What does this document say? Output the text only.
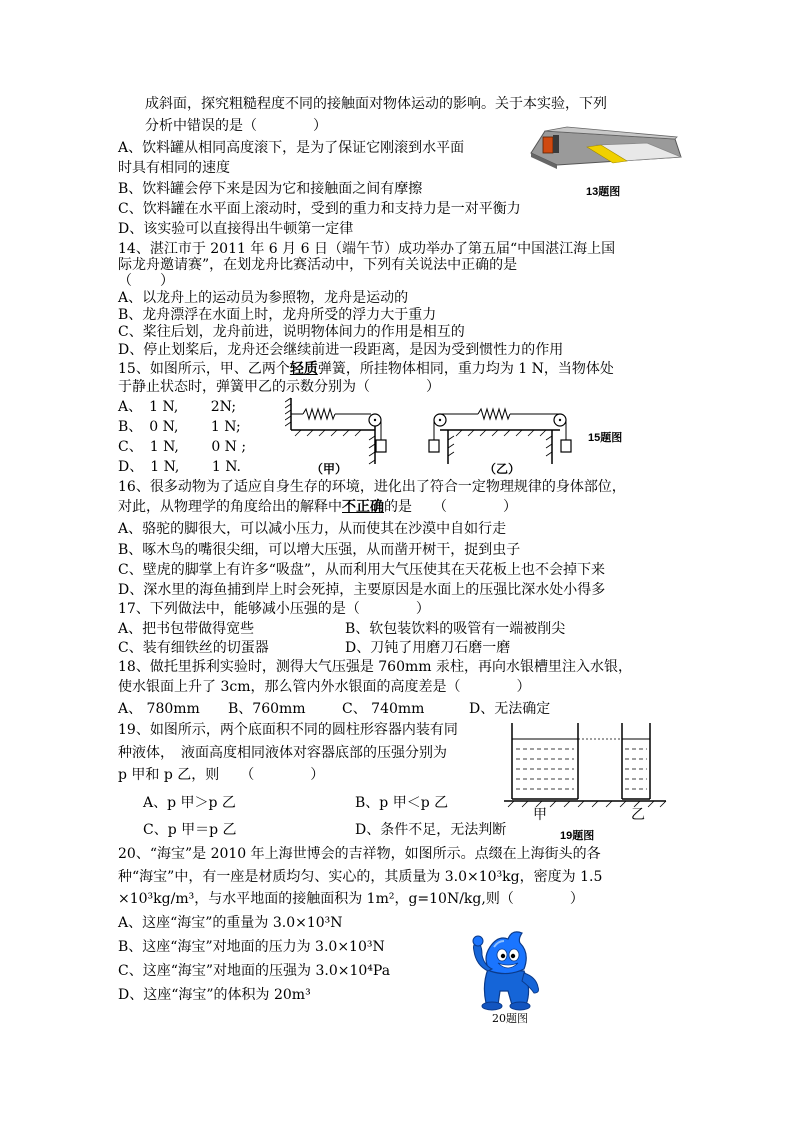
成斜面，探究粗糙程度不同的接触面对物体运动的影响。关于本实验，下列
分析中错误的是（　　　　）
A、饮料罐从相同高度滚下，是为了保证它刚滚到水平面
时具有相同的速度
B、饮料罐会停下来是因为它和接触面之间有摩擦
C、饮料罐在水平面上滚动时，受到的重力和支持力是一对平衡力
D、该实验可以直接得出牛顿第一定律
13题图
14、湛江市于 2011 年 6 月 6 日（端午节）成功举办了第五届“中国湛江海上国
际龙舟邀请赛”，在划龙舟比赛活动中，下列有关说法中正确的是
（　　）
A、以龙舟上的运动员为参照物，龙舟是运动的
B、龙舟漂浮在水面上时，龙舟所受的浮力大于重力
C、桨往后划，龙舟前进，说明物体间力的作用是相互的
D、停止划桨后，龙舟还会继续前进一段距离，是因为受到惯性力的作用
15、如图所示，甲、乙两个轻质弹簧，所挂物体相同，重力均为 1 N，当物体处
于静止状态时，弹簧甲乙的示数分别为（　　　　）
A、　1 N,　　 2N;
B、　0 N,　　 1 N;
C、　1 N,　　 0 N ;
D、　1 N,　　 1 N.	（甲）	（乙）
15题图
16、很多动物为了适应自身生存的环境，进化出了符合一定物理规律的身体部位，
对此，从物理学的角度给出的解释中不正确的是　　（　　　　）
A、骆驼的脚很大，可以减小压力，从而使其在沙漠中自如行走
B、啄木鸟的嘴很尖细，可以增大压强，从而凿开树干，捉到虫子
C、壁虎的脚掌上有许多“吸盘”，从而利用大气压使其在天花板上也不会掉下来
D、深水里的海鱼捕到岸上时会死掉，主要原因是水面上的压强比深水处小得多
17、下列做法中，能够减小压强的是（　　　　）
A、把书包带做得宽些	B、软包装饮料的吸管有一端被削尖
C、装有细铁丝的切蛋器	D、刀钝了用磨刀石磨一磨
18、做托里拆利实验时，测得大气压强是 760mm 汞柱，再向水银槽里注入水银，
使水银面上升了 3cm，那么管内外水银面的高度差是（　　　　）
A、 780mm B、760mm	C、 740mm	D、无法确定
19、如图所示，两个底面积不同的圆柱形容器内装有同
种液体，　液面高度相同液体对容器底部的压强分别为
p 甲和 p 乙，则　　（　　　　）
A、p 甲＞p 乙	B、p 甲＜p 乙
C、p 甲＝p 乙	D、条件不足，无法判断
甲	乙
19题图
20、“海宝”是 2010 年上海世博会的吉祥物，如图所示。点缀在上海街头的各
种“海宝”中，有一座是材质均匀、实心的，其质量为 3.0×10³kg，密度为 1.5
×10³kg/m³，与水平地面的接触面积为 1m²，g=10N/kg,则（　　　　）
A、这座“海宝”的重量为 3.0×10³N
B、这座“海宝”对地面的压力为 3.0×10³N
C、这座“海宝”对地面的压强为 3.0×10⁴Pa
D、这座“海宝”的体积为 20m³
20题图
